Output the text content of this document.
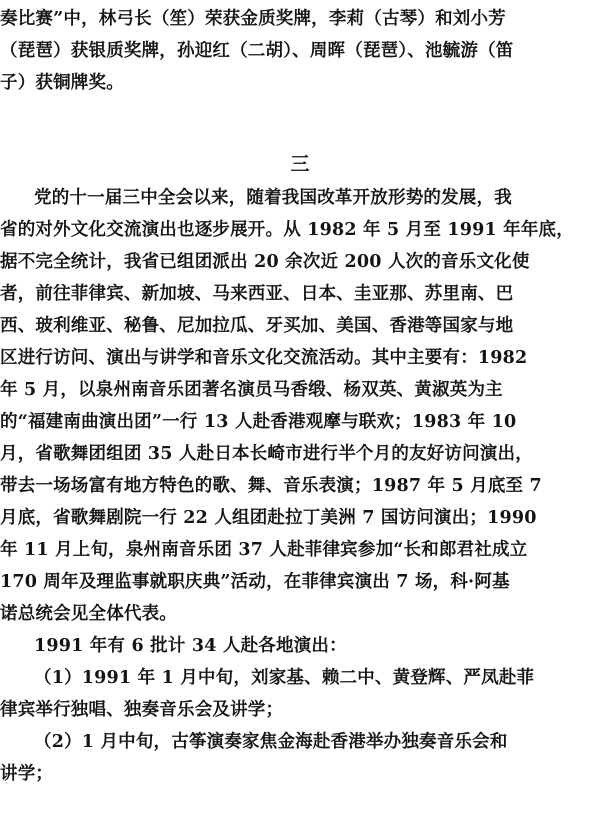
奏比赛”中，林弓长（笙）荣获金质奖牌，李莉（古琴）和刘小芳
（琵琶）获银质奖牌，孙迎红（二胡）、周晖（琵琶）、池毓游（笛
子）获铜牌奖。
三
党的十一届三中全会以来，随着我国改革开放形势的发展，我
省的对外文化交流演出也逐步展开。从 1982 年 5 月至 1991 年年底，
据不完全统计，我省已组团派出 20 余次近 200 人次的音乐文化使
者，前往菲律宾、新加坡、马来西亚、日本、圭亚那、苏里南、巴
西、玻利维亚、秘鲁、尼加拉瓜、牙买加、美国、香港等国家与地
区进行访问、演出与讲学和音乐文化交流活动。其中主要有：1982
年 5 月，以泉州南音乐团著名演员马香缎、杨双英、黄淑英为主
的“福建南曲演出团”一行 13 人赴香港观摩与联欢；1983 年 10
月，省歌舞团组团 35 人赴日本长崎市进行半个月的友好访问演出，
带去一场场富有地方特色的歌、舞、音乐表演；1987 年 5 月底至 7
月底，省歌舞剧院一行 22 人组团赴拉丁美洲 7 国访问演出；1990
年 11 月上旬，泉州南音乐团 37 人赴菲律宾参加“长和郎君社成立
170 周年及理监事就职庆典”活动，在菲律宾演出 7 场，科·阿基
诺总统会见全体代表。
1991 年有 6 批计 34 人赴各地演出：
（1）1991 年 1 月中旬，刘家基、赖二中、黄登辉、严凤赴菲
律宾举行独唱、独奏音乐会及讲学；
（2）1 月中旬，古筝演奏家焦金海赴香港举办独奏音乐会和
讲学；
